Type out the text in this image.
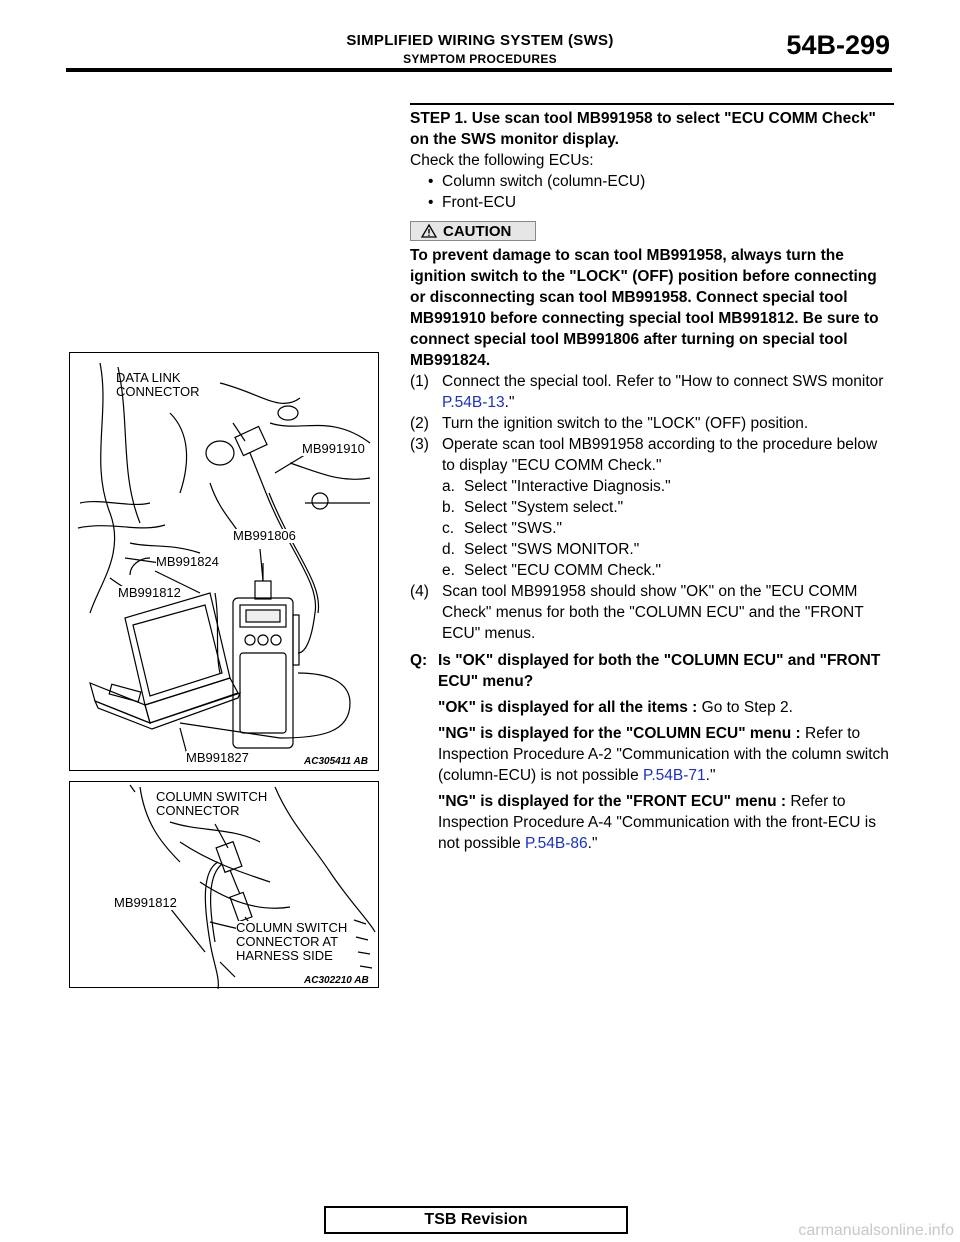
SIMPLIFIED WIRING SYSTEM (SWS)
SYMPTOM PROCEDURES	54B-299
STEP 1. Use scan tool MB991958 to select "ECU COMM Check" on the SWS monitor display.
Check the following ECUs:
• Column switch (column-ECU)
• Front-ECU
CAUTION
To prevent damage to scan tool MB991958, always turn the ignition switch to the "LOCK" (OFF) position before connecting or disconnecting scan tool MB991958. Connect special tool MB991910 before connecting special tool MB991812. Be sure to connect special tool MB991806 after turning on special tool MB991824.
(1) Connect the special tool. Refer to "How to connect SWS monitor P.54B-13."
(2) Turn the ignition switch to the "LOCK" (OFF) position.
(3) Operate scan tool MB991958 according to the procedure below to display "ECU COMM Check."
a. Select "Interactive Diagnosis."
b. Select "System select."
c. Select "SWS."
d. Select "SWS MONITOR."
e. Select "ECU COMM Check."
(4) Scan tool MB991958 should show "OK" on the "ECU COMM Check" menus for both the "COLUMN ECU" and the "FRONT ECU" menus.
Q: Is "OK" displayed for both the "COLUMN ECU" and "FRONT ECU" menu?
"OK" is displayed for all the items : Go to Step 2.
"NG" is displayed for the "COLUMN ECU" menu : Refer to Inspection Procedure A-2 "Communication with the column switch (column-ECU) is not possible P.54B-71."
"NG" is displayed for the "FRONT ECU" menu : Refer to Inspection Procedure A-4 "Communication with the front-ECU is not possible P.54B-86."
DATA LINK
CONNECTOR
MB991910
MB991806
MB991824
MB991812
MB991827	AC305411 AB
COLUMN SWITCH
CONNECTOR
MB991812
COLUMN SWITCH
CONNECTOR AT
HARNESS SIDE
AC302210 AB
TSB Revision
carmanualsonline.info
